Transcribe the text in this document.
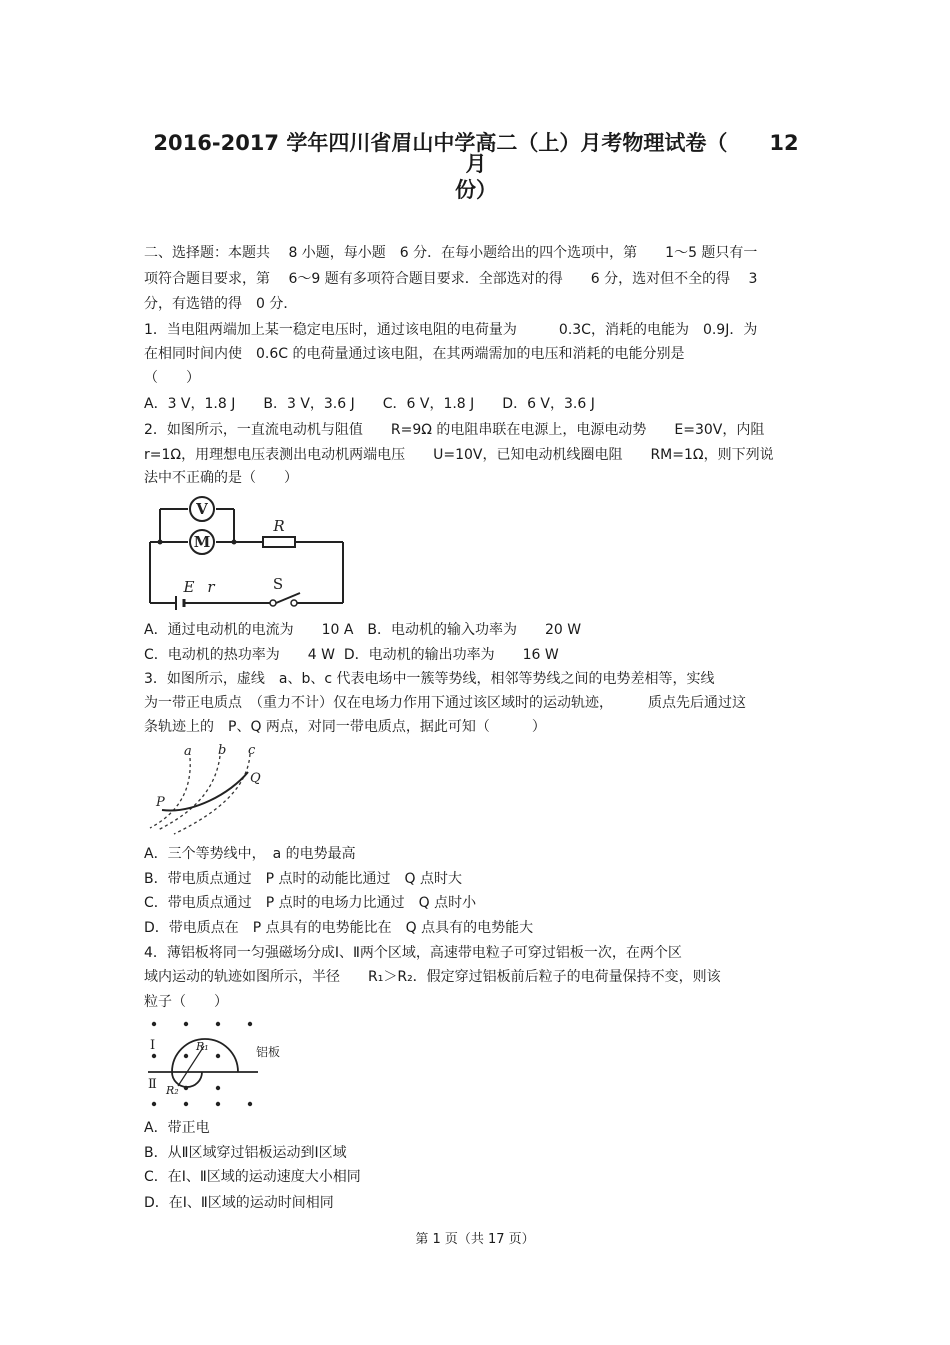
2016-2017 学年四川省眉山中学高二（上）月考物理试卷（　　12 月
份）
二、选择题：本题共　 8 小题，每小题　6 分．在每小题给出的四个选项中，第　　1～5 题只有一
项符合题目要求，第　 6～9 题有多项符合题目要求．全部选对的得　　6 分，选对但不全的得　 3
分，有选错的得　0 分．
1．当电阻两端加上某一稳定电压时，通过该电阻的电荷量为　　　0.3C，消耗的电能为　0.9J．为
在相同时间内使　0.6C 的电荷量通过该电阻，在其两端需加的电压和消耗的电能分别是
（　　）
A．3 V，1.8 J　　B．3 V，3.6 J　　C．6 V，1.8 J　　D．6 V，3.6 J
2．如图所示，一直流电动机与阻值　　R=9Ω 的电阻串联在电源上，电源电动势　　E=30V，内阻
r=1Ω，用理想电压表测出电动机两端电压　　U=10V，已知电动机线圈电阻　　RM=1Ω，则下列说
法中不正确的是（　　）
V
M
R
E r	S
A．通过电动机的电流为　　10 A　B．电动机的输入功率为　　20 W
C．电动机的热功率为　　4 W  D．电动机的输出功率为　　16 W
3．如图所示，虚线　a、b、c 代表电场中一簇等势线，相邻等势线之间的电势差相等，实线
为一带正电质点　（重力不计）仅在电场力作用下通过该区域时的运动轨迹，　　　质点先后通过这
条轨迹上的　P、Q 两点，对同一带电质点，据此可知（　　　）
a b c
P
Q
A．三个等势线中，　a 的电势最高
B．带电质点通过　P 点时的动能比通过　Q 点时大
C．带电质点通过　P 点时的电场力比通过　Q 点时小
D．带电质点在　P 点具有的电势能比在　Q 点具有的电势能大
4．薄铝板将同一匀强磁场分成Ⅰ、Ⅱ两个区域，高速带电粒子可穿过铝板一次，在两个区
域内运动的轨迹如图所示，半径　　R₁＞R₂．假定穿过铝板前后粒子的电荷量保持不变，则该
粒子（　　）
Ⅰ
Ⅱ
R₁
R₂
铝板
A．带正电
B．从Ⅱ区域穿过铝板运动到Ⅰ区域
C．在Ⅰ、Ⅱ区域的运动速度大小相同
D．在Ⅰ、Ⅱ区域的运动时间相同
第 1 页（共 17 页）
